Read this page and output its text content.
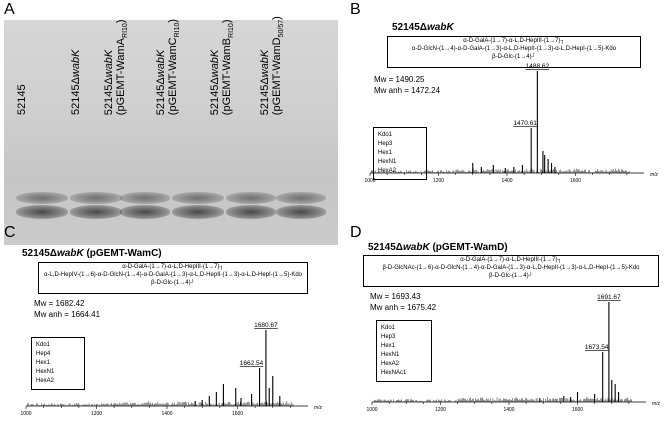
A
52145	52145ΔwabK
52145ΔwabK (pGEMT-WamA$_{RI10}$)
52145ΔwabK (pGEMT-WamC$_{RI10}$)
52145ΔwabK (pGEMT-WamB$_{RI10}$)
52145ΔwabK (pGEMT-WamD$_{50/57}$)	B
52145ΔwabK
α-D-GalA-(1→7)-α-L,D-HepIII-(1→7)┐
α-D-GlcN-(1→4)-α-D-GalA-(1→3)-α-L,D-HepII-(1→3)-α-L,D-HepI-(1→5)-Kdo
β-D-Glc-(1→4)┘
Mw = 1490.25
Mw anh = 1472.24
Kdo1
Hep3
Hex1
HexN1
HexA2
1000	1200	1400	1600
m/z
1488.62
1470.61
C
52145ΔwabK (pGEMT-WamC)
α-D-GalA-(1→7)-α-L,D-HepIII-(1→7)┐
α-L,D-HepIV-(1→6)-α-D-GlcN-(1→4)-α-D-GalA-(1→3)-α-L,D-HepII-(1→3)-α-L,D-HepI-(1→5)-Kdo
β-D-Glc-(1→4)┘
Mw = 1682.42
Mw anh = 1664.41
Kdo1
Hep4
Hex1
HexN1
HexA2
1000	1200	1400	1600
m/z
1680.67
1662.54
D
52145ΔwabK (pGEMT-WamD)
α-D-GalA-(1→7)-α-L,D-HepIII-(1→7)┐
β-D-GlcNAc-(1→6)-α-D-GlcN-(1→4)-α-D-GalA-(1→3)-α-L,D-HepII-(1→3)-α-L,D-HepI-(1→5)-Kdo
β-D-Glc-(1→4)┘
Mw = 1693.43
Mw anh = 1675.42
Kdo1
Hep3
Hex1
HexN1
HexA2
HexNAc1
1000	1200	1400	1600
m/z
1691.67
1673.54
